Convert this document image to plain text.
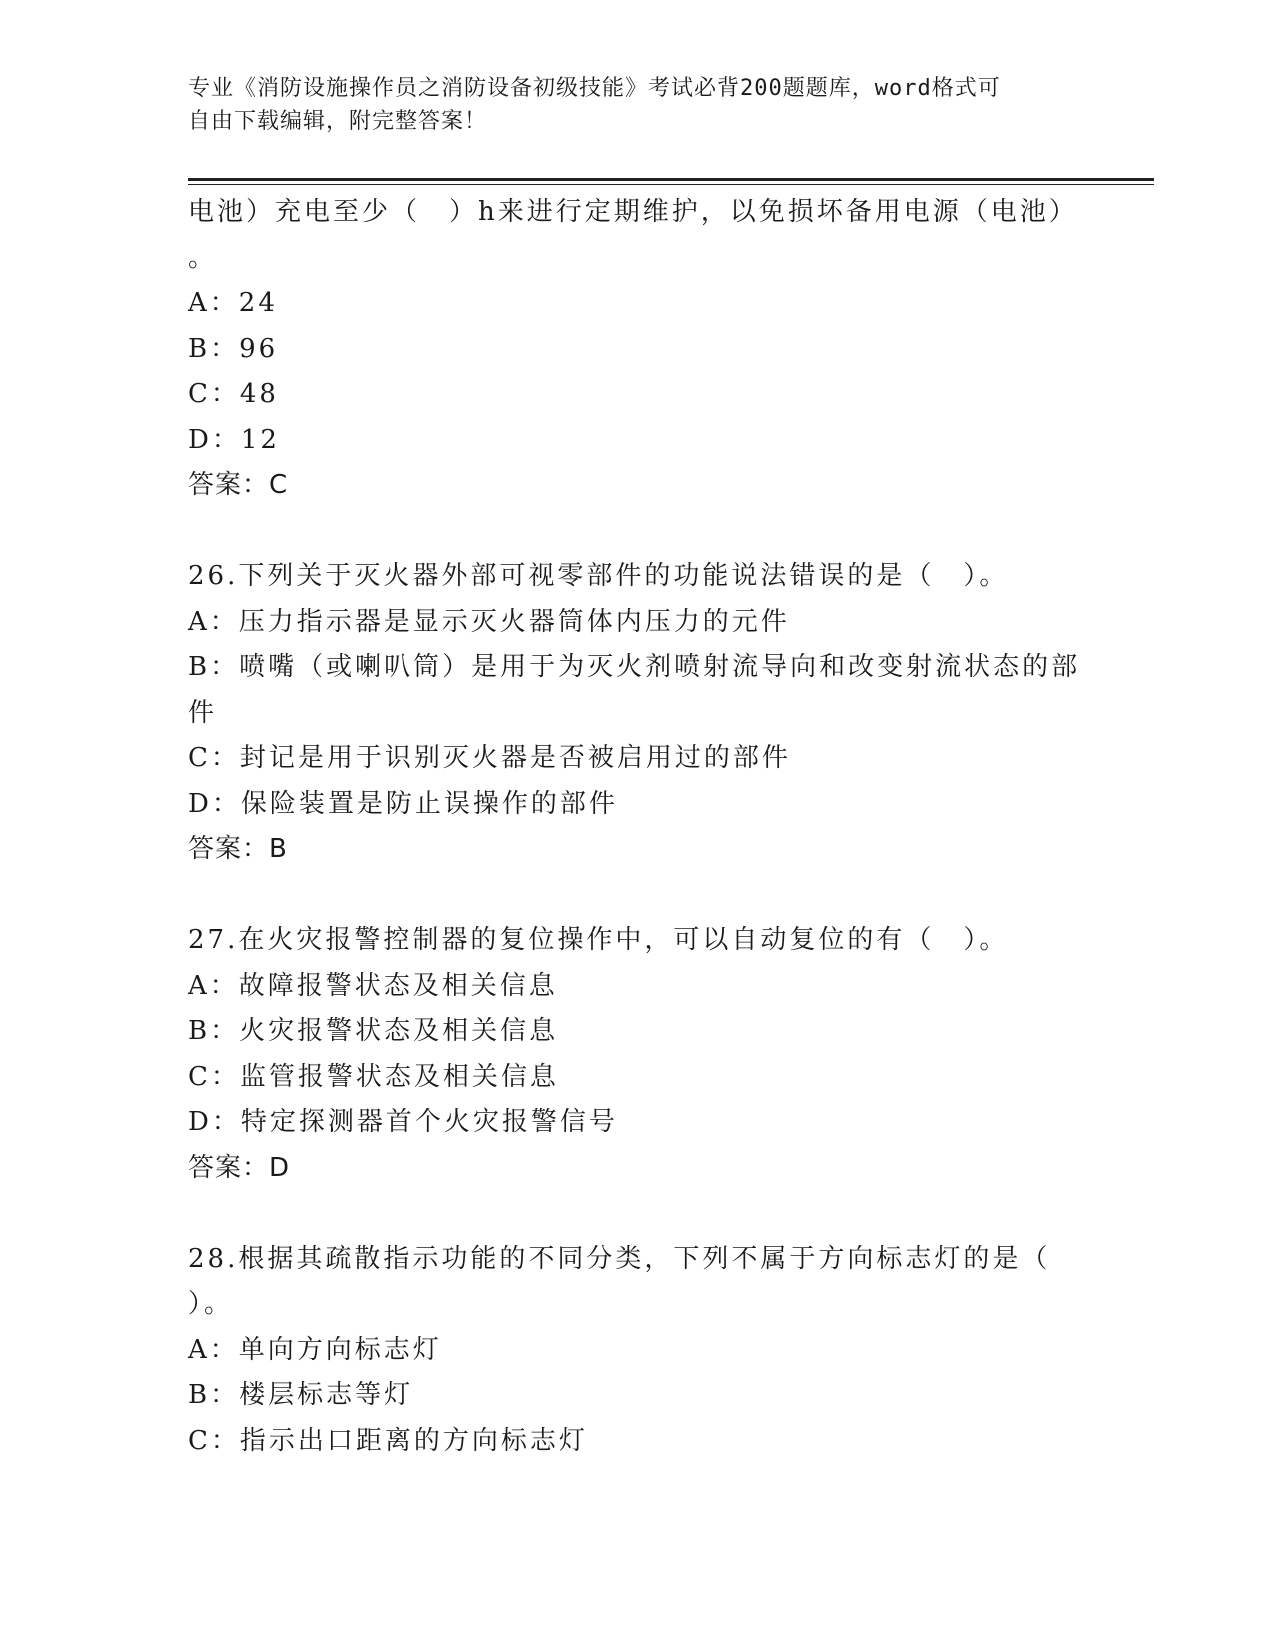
专业《消防设施操作员之消防设备初级技能》考试必背200题题库，word格式可
自由下载编辑，附完整答案！
电池）充电至少（　）h来进行定期维护，以免损坏备用电源（电池）
。
A：24
B：96
C：48
D：12
答案：C
26.下列关于灭火器外部可视零部件的功能说法错误的是（　）。
A：压力指示器是显示灭火器筒体内压力的元件
B：喷嘴（或喇叭筒）是用于为灭火剂喷射流导向和改变射流状态的部
件
C：封记是用于识别灭火器是否被启用过的部件
D：保险装置是防止误操作的部件
答案：B
27.在火灾报警控制器的复位操作中，可以自动复位的有（　）。
A：故障报警状态及相关信息
B：火灾报警状态及相关信息
C：监管报警状态及相关信息
D：特定探测器首个火灾报警信号
答案：D
28.根据其疏散指示功能的不同分类，下列不属于方向标志灯的是（
）。
A：单向方向标志灯
B：楼层标志等灯
C：指示出口距离的方向标志灯
